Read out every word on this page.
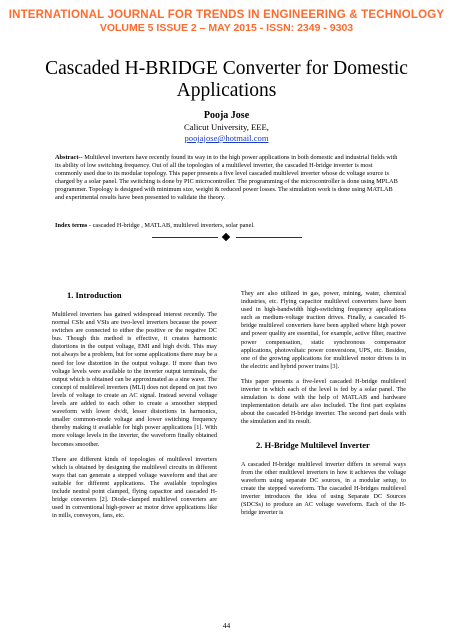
INTERNATIONAL JOURNAL FOR TRENDS IN ENGINEERING & TECHNOLOGY
VOLUME 5 ISSUE 2 – MAY 2015 - ISSN: 2349 - 9303
Cascaded H-BRIDGE Converter for Domestic Applications
Pooja Jose
Calicut University, EEE,
poojajose@hotmail.com
Abstract-- Multilevel inverters have recently found its way in to the high power applications in both domestic and industrial fields with its ability of low switching frequency. Out of all the topologies of a multilevel inverter, the cascaded H-bridge inverter is most commonly used due to its modular topology. This paper presents a five level cascaded multilevel inverter whose dc voltage source is charged by a solar panel. The switching is done by PIC microcontroller. The programming of the microcontroller is done using MPLAB programmer. Topology is designed with minimum size, weight & reduced power losses. The simulation work is done using MATLAB and experimental results have been presented to validate the theory.
Index terms - cascaded H-bridge , MATLAB, multilevel inverters, solar panel.
1. Introduction

Multilevel inverters has gained widespread interest recently. The normal CSIs and VSIs are two-level inverters because the power switches are connected to either the positive or the negative DC bus. Though this method is effective, it creates harmonic distortions in the output voltage, EMI and high dv/dt. This may not always be a problem, but for some applications there may be a need for low distortion in the output voltage. If more than two voltage levels were available to the inverter output terminals, the output which is obtained can be approximated as a sine wave. The concept of multilevel inverters (MLI) does not depend on just two levels of voltage to create an AC signal. Instead several voltage levels are added to each other to create a smoother stepped waveform with lower dv/dt, lesser distortions in harmonics, smaller common-mode voltage and lower switching frequency thereby making it available for high power applications [1]. With more voltage levels in the inverter, the waveform finally obtained becomes smoother.

There are different kinds of topologies of multilevel inverters which is obtained by designing the multilevel circuits in different ways that can generate a stepped voltage waveform and that are suitable for different applications. The available topologies include neutral point clamped, flying capacitor and cascaded H-bridge converters [2]. Diode-clamped multilevel converters are used in conventional high-power ac motor drive applications like in mills, conveyors, fans, etc.

They are also utilized in gas, power, mining, water, chemical industries, etc. Flying capacitor multilevel converters have been used in high-bandwidth high-switching frequency applications such as medium-voltage traction drives. Finally, a cascaded H-bridge multilevel converters have been applied where high power and power quality are essential, for example, active filter, reactive power compensation, static synchronous compensator applications, photovoltaic power conversions, UPS, etc. Besides, one of the growing applications for multilevel motor drives is in the electric and hybrid power trains [3].

This paper presents a five-level cascaded H-bridge multilevel inverter in which each of the level is fed by a solar panel. The simulation is done with the help of MATLAB and hardware implementation details are also included. The first part explains about the cascaded H-bridge inverter. The second part deals with the simulation and its result.

2. H-Bridge Multilevel Inverter

A cascaded H-bridge multilevel inverter differs in several ways from the other multilevel inverters in how it achieves the voltage waveform using separate DC sources, in a modular setup, to create the stepped waveform. The cascaded H-bridges multilevel inverter introduces the idea of using Separate DC Sources (SDCSs) to produce an AC voltage waveform. Each of the H-bridge inverter is

44
